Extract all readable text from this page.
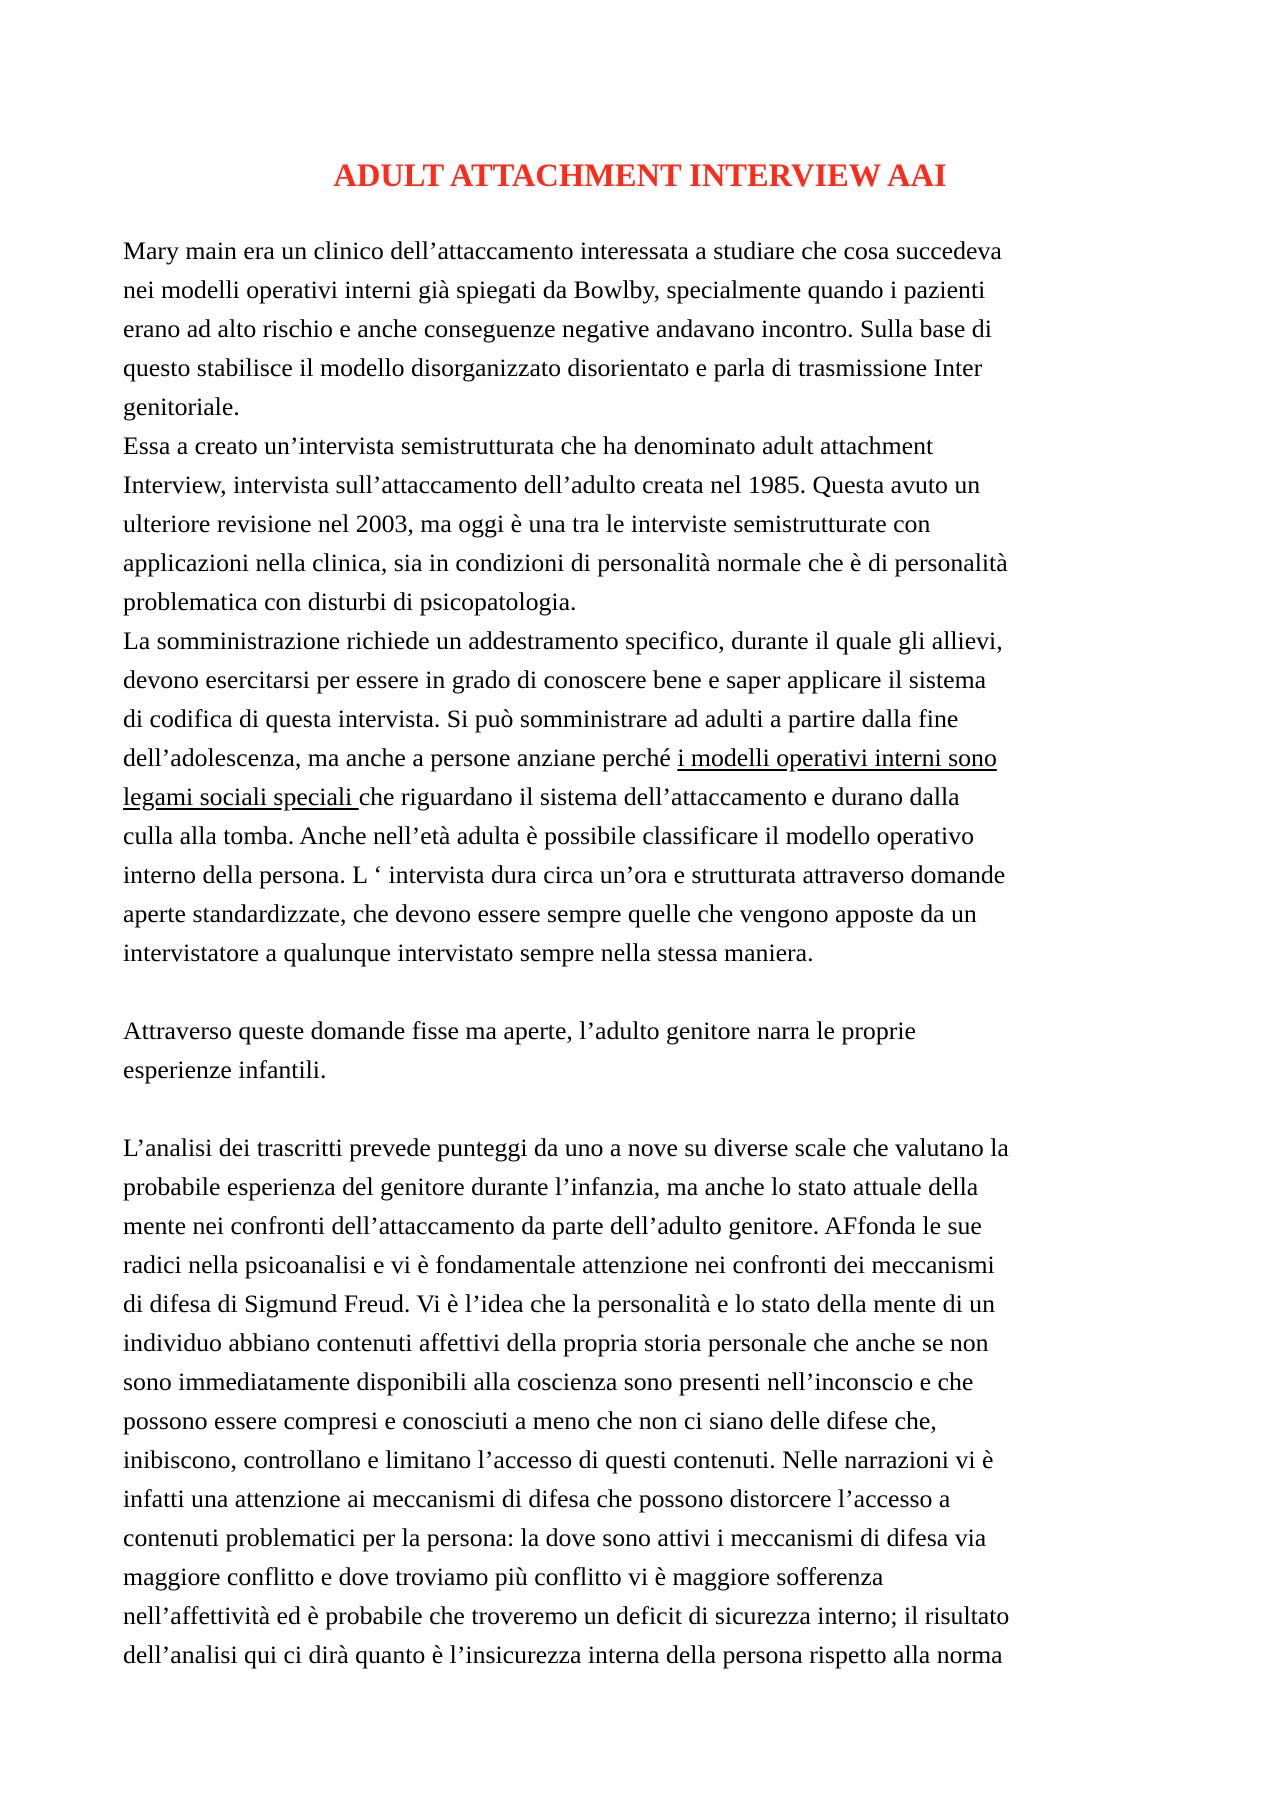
ADULT ATTACHMENT INTERVIEW AAI
Mary main era un clinico dell’attaccamento interessata a studiare che cosa succedeva
nei modelli operativi interni già spiegati da Bowlby, specialmente quando i pazienti
erano ad alto rischio e anche conseguenze negative andavano incontro. Sulla base di
questo stabilisce il modello disorganizzato disorientato e parla di trasmissione Inter
genitoriale.
Essa a creato un’intervista semistrutturata che ha denominato adult attachment
Interview, intervista sull’attaccamento dell’adulto creata nel 1985. Questa avuto un
ulteriore revisione nel 2003, ma oggi è una tra le interviste semistrutturate con
applicazioni nella clinica, sia in condizioni di personalità normale che è di personalità
problematica con disturbi di psicopatologia.
La somministrazione richiede un addestramento specifico, durante il quale gli allievi,
devono esercitarsi per essere in grado di conoscere bene e saper applicare il sistema
di codifica di questa intervista. Si può somministrare ad adulti a partire dalla fine
dell’adolescenza, ma anche a persone anziane perché i modelli operativi interni sono
legami sociali speciali che riguardano il sistema dell’attaccamento e durano dalla
culla alla tomba. Anche nell’età adulta è possibile classificare il modello operativo
interno della persona. L ‘ intervista dura circa un’ora e strutturata attraverso domande
aperte standardizzate, che devono essere sempre quelle che vengono apposte da un
intervistatore a qualunque intervistato sempre nella stessa maniera.
Attraverso queste domande fisse ma aperte, l’adulto genitore narra le proprie
esperienze infantili.
L’analisi dei trascritti prevede punteggi da uno a nove su diverse scale che valutano la
probabile esperienza del genitore durante l’infanzia, ma anche lo stato attuale della
mente nei confronti dell’attaccamento da parte dell’adulto genitore. AFfonda le sue
radici nella psicoanalisi e vi è fondamentale attenzione nei confronti dei meccanismi
di difesa di Sigmund Freud. Vi è l’idea che la personalità e lo stato della mente di un
individuo abbiano contenuti affettivi della propria storia personale che anche se non
sono immediatamente disponibili alla coscienza sono presenti nell’inconscio e che
possono essere compresi e conosciuti a meno che non ci siano delle difese che,
inibiscono, controllano e limitano l’accesso di questi contenuti. Nelle narrazioni vi è
infatti una attenzione ai meccanismi di difesa che possono distorcere l’accesso a
contenuti problematici per la persona: la dove sono attivi i meccanismi di difesa via
maggiore conflitto e dove troviamo più conflitto vi è maggiore sofferenza
nell’affettività ed è probabile che troveremo un deficit di sicurezza interno; il risultato
dell’analisi qui ci dirà quanto è l’insicurezza interna della persona rispetto alla norma
